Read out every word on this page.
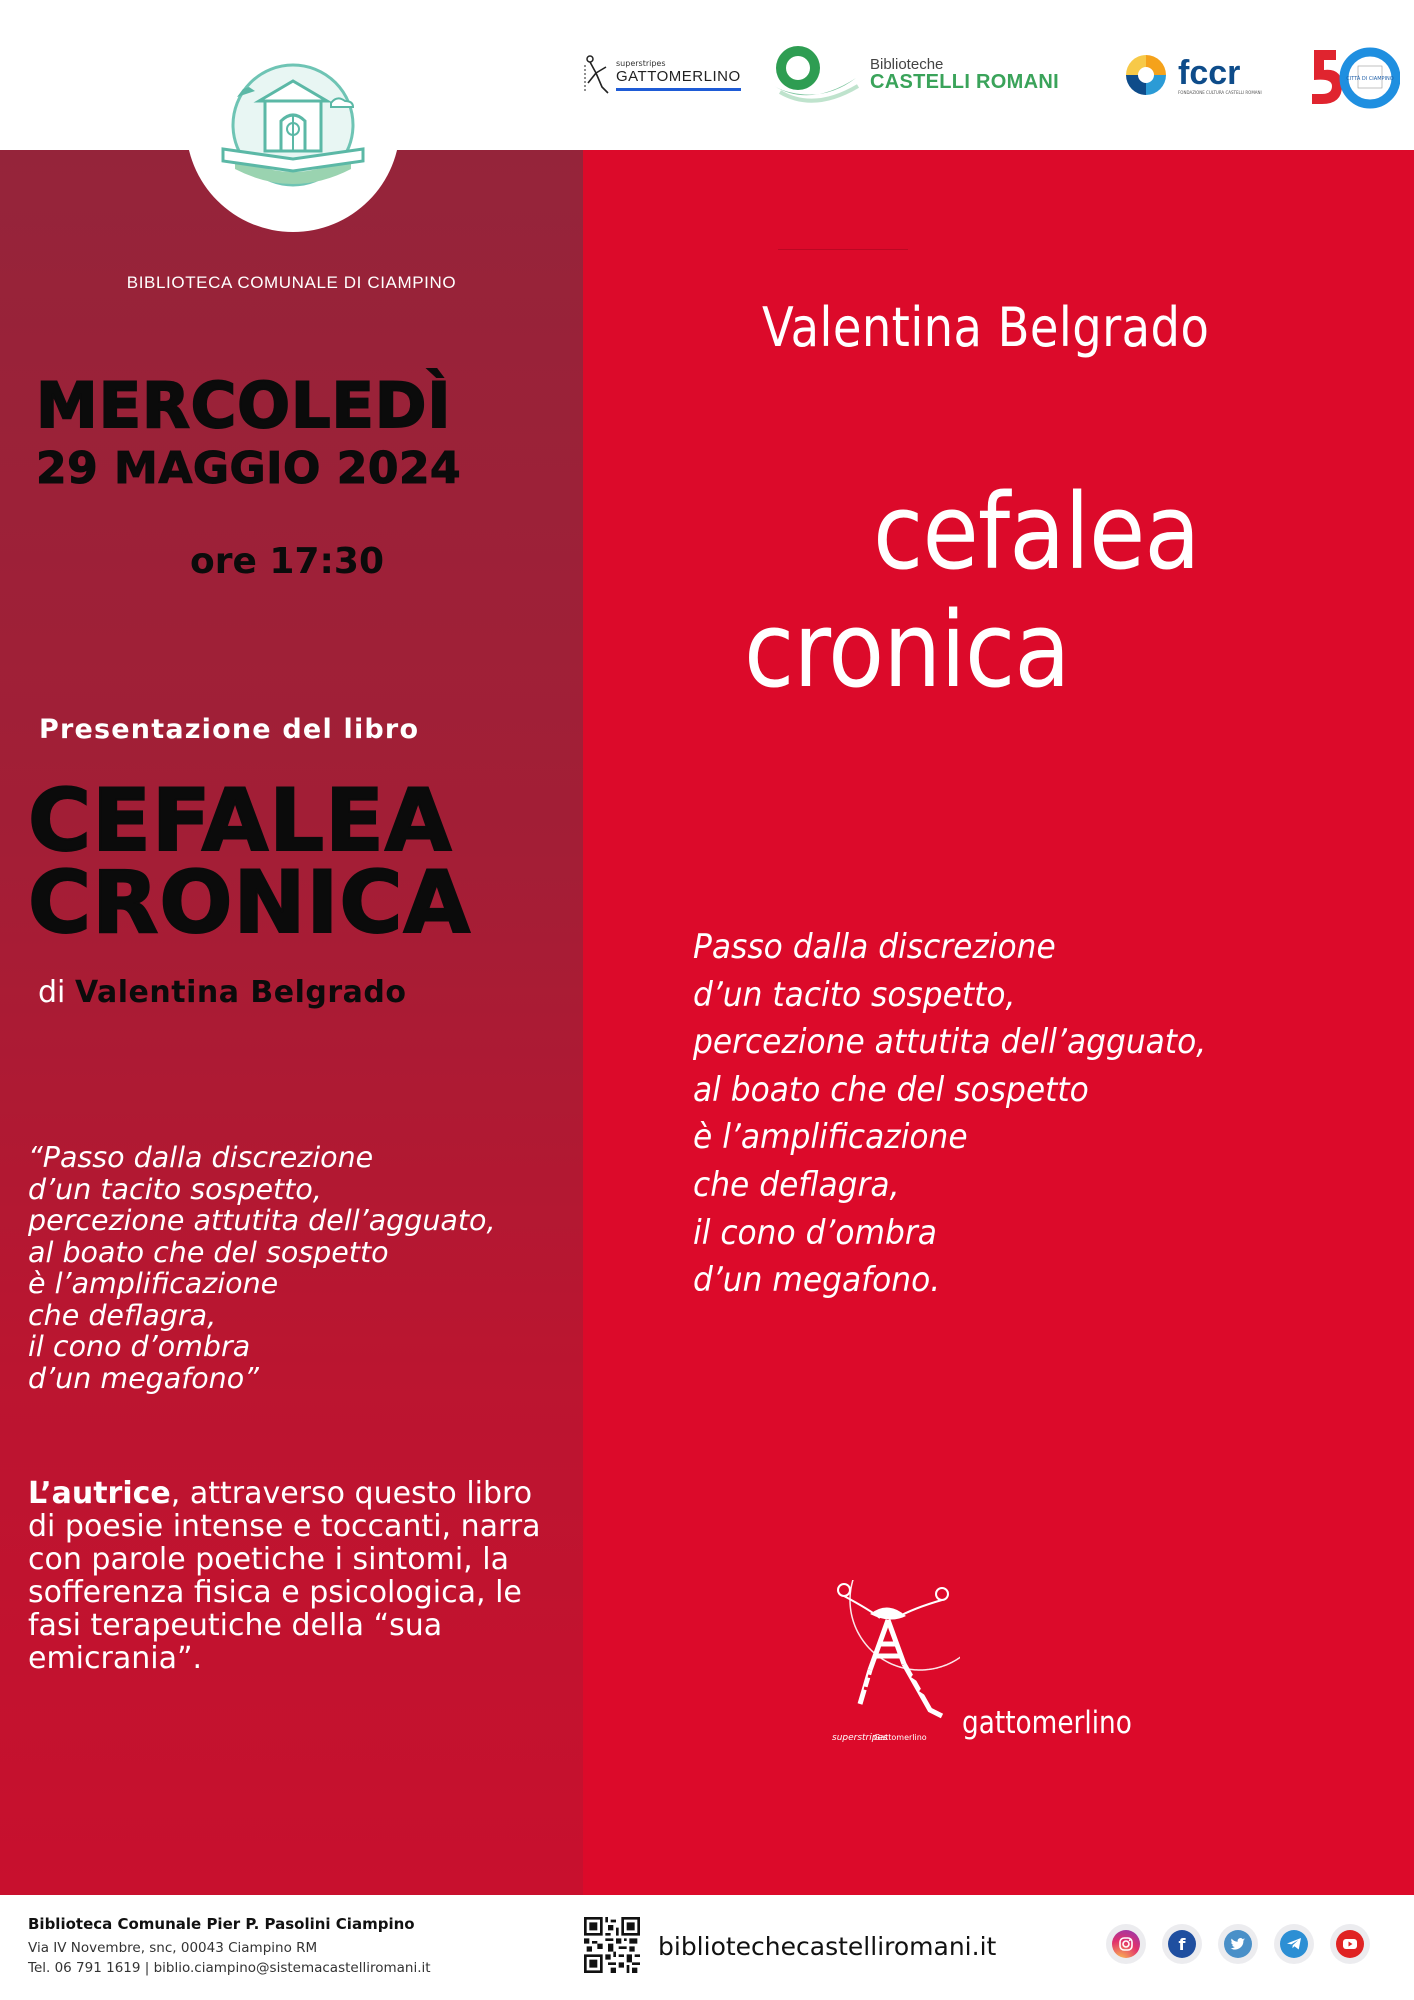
superstripes
GATTOMERLINO
Biblioteche
CASTELLI ROMANI	fccr
FONDAZIONE CULTURA CASTELLI ROMANI
CITTÀ DI CIAMPINO
BIBLIOTECA COMUNALE DI CIAMPINO
MERCOLEDÌ
29 MAGGIO 2024
ore 17:30
Presentazione del libro
CEFALEA
CRONICA
di Valentina Belgrado
“Passo dalla discrezione
d’un tacito sospetto,
percezione attutita dell’agguato,
al boato che del sospetto
è l’amplificazione
che deflagra,
il cono d’ombra
d’un megafono”
L’autrice, attraverso questo libro di poesie intense e toccanti, narra con parole poetiche i sintomi, la sofferenza fisica e psicologica, le fasi terapeutiche della “sua emicrania”.
Valentina Belgrado
cefalea
cronica
Passo dalla discrezione
d’un tacito sospetto,
percezione attutita dell’agguato,
al boato che del sospetto
è l’amplificazione
che deflagra,
il cono d’ombra
d’un megafono.
superstripes
Gattomerlino gattomerlino
Biblioteca Comunale Pier P. Pasolini Ciampino
Via IV Novembre, snc, 00043 Ciampino RM
Tel. 06 791 1619 | biblio.ciampino@sistemacastelliromani.it
bibliotechecastelliromani.it	f
